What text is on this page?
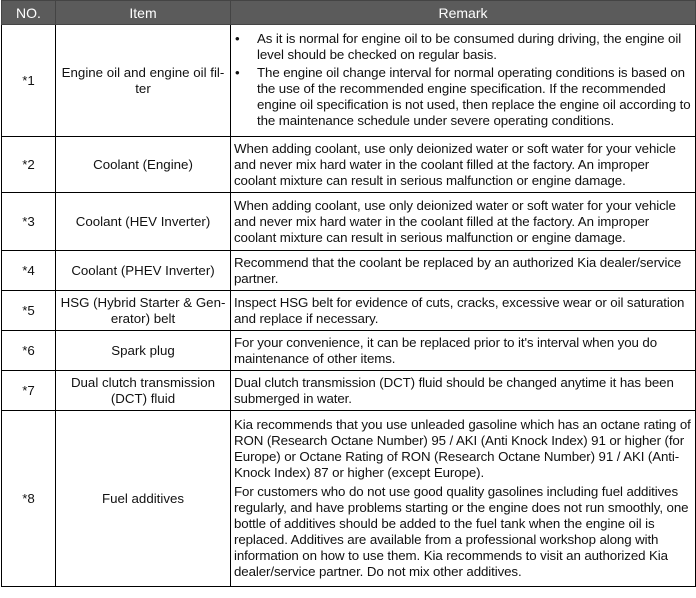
NO.	Item	Remark
*1	Engine oil and engine oil fil-ter	• As it is normal for engine oil to be consumed during driving, the engine oil level should be checked on regular basis.
• The engine oil change interval for normal operating conditions is based on the use of the recommended engine specification. If the recommended engine oil specification is not used, then replace the engine oil according to the maintenance schedule under severe operating conditions.

*2	Coolant (Engine)	When adding coolant, use only deionized water or soft water for your vehicle and never mix hard water in the coolant filled at the factory. An improper coolant mixture can result in serious malfunction or engine damage.
*3	Coolant (HEV Inverter)	When adding coolant, use only deionized water or soft water for your vehicle and never mix hard water in the coolant filled at the factory. An improper coolant mixture can result in serious malfunction or engine damage.
*4	Coolant (PHEV Inverter)	Recommend that the coolant be replaced by an authorized Kia dealer/service partner.
*5	HSG (Hybrid Starter & Gen-erator) belt	Inspect HSG belt for evidence of cuts, cracks, excessive wear or oil saturation and replace if necessary.
*6	Spark plug	For your convenience, it can be replaced prior to it's interval when you do maintenance of other items.
*7	Dual clutch transmission (DCT) fluid	Dual clutch transmission (DCT) fluid should be changed anytime it has been submerged in water.
*8	Fuel additives	Kia recommends that you use unleaded gasoline which has an octane rating of RON (Research Octane Number) 95 / AKI (Anti Knock Index) 91 or higher (for Europe) or Octane Rating of RON (Research Octane Number) 91 / AKI (Anti-Knock Index) 87 or higher (except Europe).
For customers who do not use good quality gasolines including fuel additives regularly, and have problems starting or the engine does not run smoothly, one bottle of additives should be added to the fuel tank when the engine oil is replaced. Additives are available from a professional workshop along with information on how to use them. Kia recommends to visit an authorized Kia dealer/service partner. Do not mix other additives.
